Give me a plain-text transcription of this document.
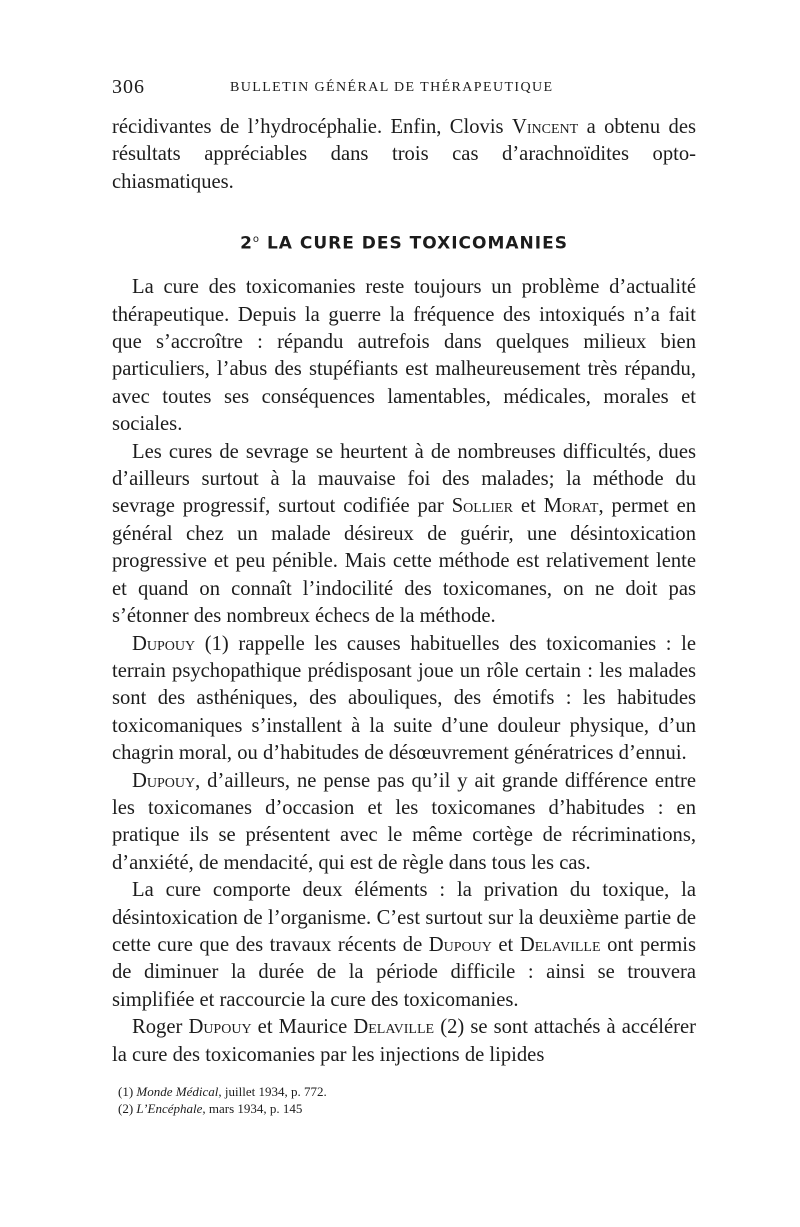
306	BULLETIN GÉNÉRAL DE THÉRAPEUTIQUE

récidivantes de l’hydrocéphalie. Enfin, Clovis Vincent a obtenu des résultats appréciables dans trois cas d’arachnoïdites opto-chiasmatiques.

2$^o$ LA CURE DES TOXICOMANIES

La cure des toxicomanies reste toujours un problème d’actualité thérapeutique. Depuis la guerre la fréquence des intoxiqués n’a fait que s’accroître : répandu autrefois dans quelques milieux bien particuliers, l’abus des stupéfiants est malheureusement très répandu, avec toutes ses conséquences lamentables, médicales, morales et sociales.

Les cures de sevrage se heurtent à de nombreuses difficultés, dues d’ailleurs surtout à la mauvaise foi des malades; la méthode du sevrage progressif, surtout codifiée par Sollier et Morat, permet en général chez un malade désireux de guérir, une désintoxication progressive et peu pénible. Mais cette méthode est relativement lente et quand on connaît l’indocilité des toxicomanes, on ne doit pas s’étonner des nombreux échecs de la méthode.

Dupouy (1) rappelle les causes habituelles des toxicomanies : le terrain psychopathique prédisposant joue un rôle certain : les malades sont des asthéniques, des abouliques, des émotifs : les habitudes toxicomaniques s’installent à la suite d’une douleur physique, d’un chagrin moral, ou d’habitudes de désœuvrement génératrices d’ennui.

Dupouy, d’ailleurs, ne pense pas qu’il y ait grande différence entre les toxicomanes d’occasion et les toxicomanes d’habitudes : en pratique ils se présentent avec le même cortège de récriminations, d’anxiété, de mendacité, qui est de règle dans tous les cas.

La cure comporte deux éléments : la privation du toxique, la désintoxication de l’organisme. C’est surtout sur la deuxième partie de cette cure que des travaux récents de Dupouy et Delaville ont permis de diminuer la durée de la période difficile : ainsi se trouvera simplifiée et raccourcie la cure des toxicomanies.

Roger Dupouy et Maurice Delaville (2) se sont attachés à accélérer la cure des toxicomanies par les injections de lipides

(1) Monde Médical, juillet 1934, p. 772.
(2) L’Encéphale, mars 1934, p. 145
